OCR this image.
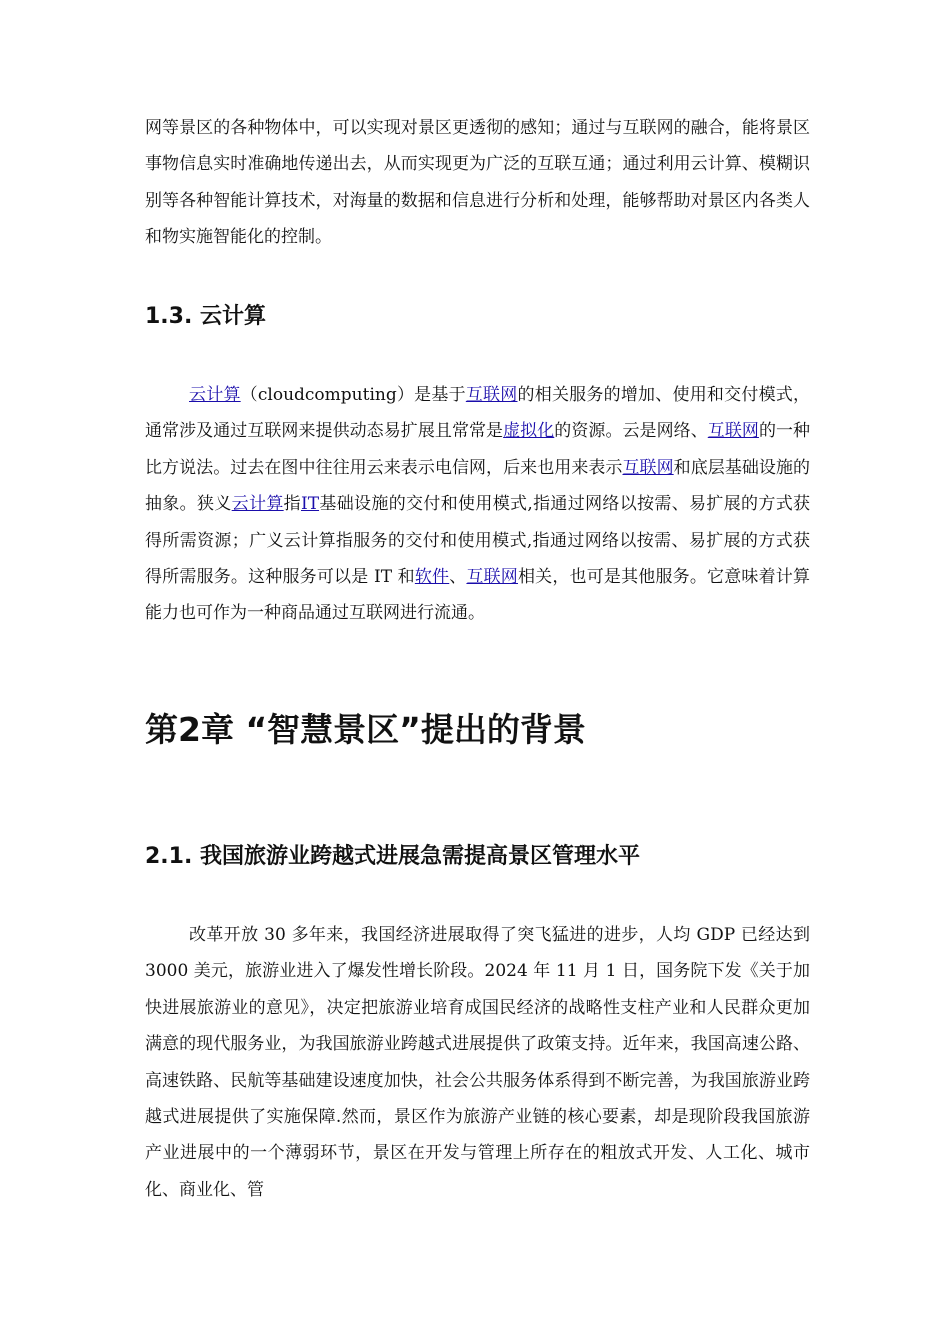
网等景区的各种物体中，可以实现对景区更透彻的感知；通过与互联网的融合，能将景区事物信息实时准确地传递出去，从而实现更为广泛的互联互通；通过利用云计算、模糊识别等各种智能计算技术，对海量的数据和信息进行分析和处理，能够帮助对景区内各类人和物实施智能化的控制。

1.3. 云计算

云计算（cloudcomputing）是基于互联网的相关服务的增加、使用和交付模式，通常涉及通过互联网来提供动态易扩展且常常是虚拟化的资源。云是网络、互联网的一种比方说法。过去在图中往往用云来表示电信网，后来也用来表示互联网和底层基础设施的抽象。狭义云计算指IT基础设施的交付和使用模式,指通过网络以按需、易扩展的方式获得所需资源；广义云计算指服务的交付和使用模式,指通过网络以按需、易扩展的方式获得所需服务。这种服务可以是 IT 和软件、互联网相关，也可是其他服务。它意味着计算能力也可作为一种商品通过互联网进行流通。

第2章 “智慧景区”提出的背景
2.1. 我国旅游业跨越式进展急需提高景区管理水平

改革开放 30 多年来，我国经济进展取得了突飞猛进的进步，人均 GDP 已经达到 3000 美元，旅游业进入了爆发性增长阶段。2024 年 11 月 1 日，国务院下发《关于加快进展旅游业的意见》，决定把旅游业培育成国民经济的战略性支柱产业和人民群众更加满意的现代服务业，为我国旅游业跨越式进展提供了政策支持。近年来，我国高速公路、高速铁路、民航等基础建设速度加快，社会公共服务体系得到不断完善，为我国旅游业跨越式进展提供了实施保障.然而，景区作为旅游产业链的核心要素，却是现阶段我国旅游产业进展中的一个薄弱环节，景区在开发与管理上所存在的粗放式开发、人工化、城市化、商业化、管
